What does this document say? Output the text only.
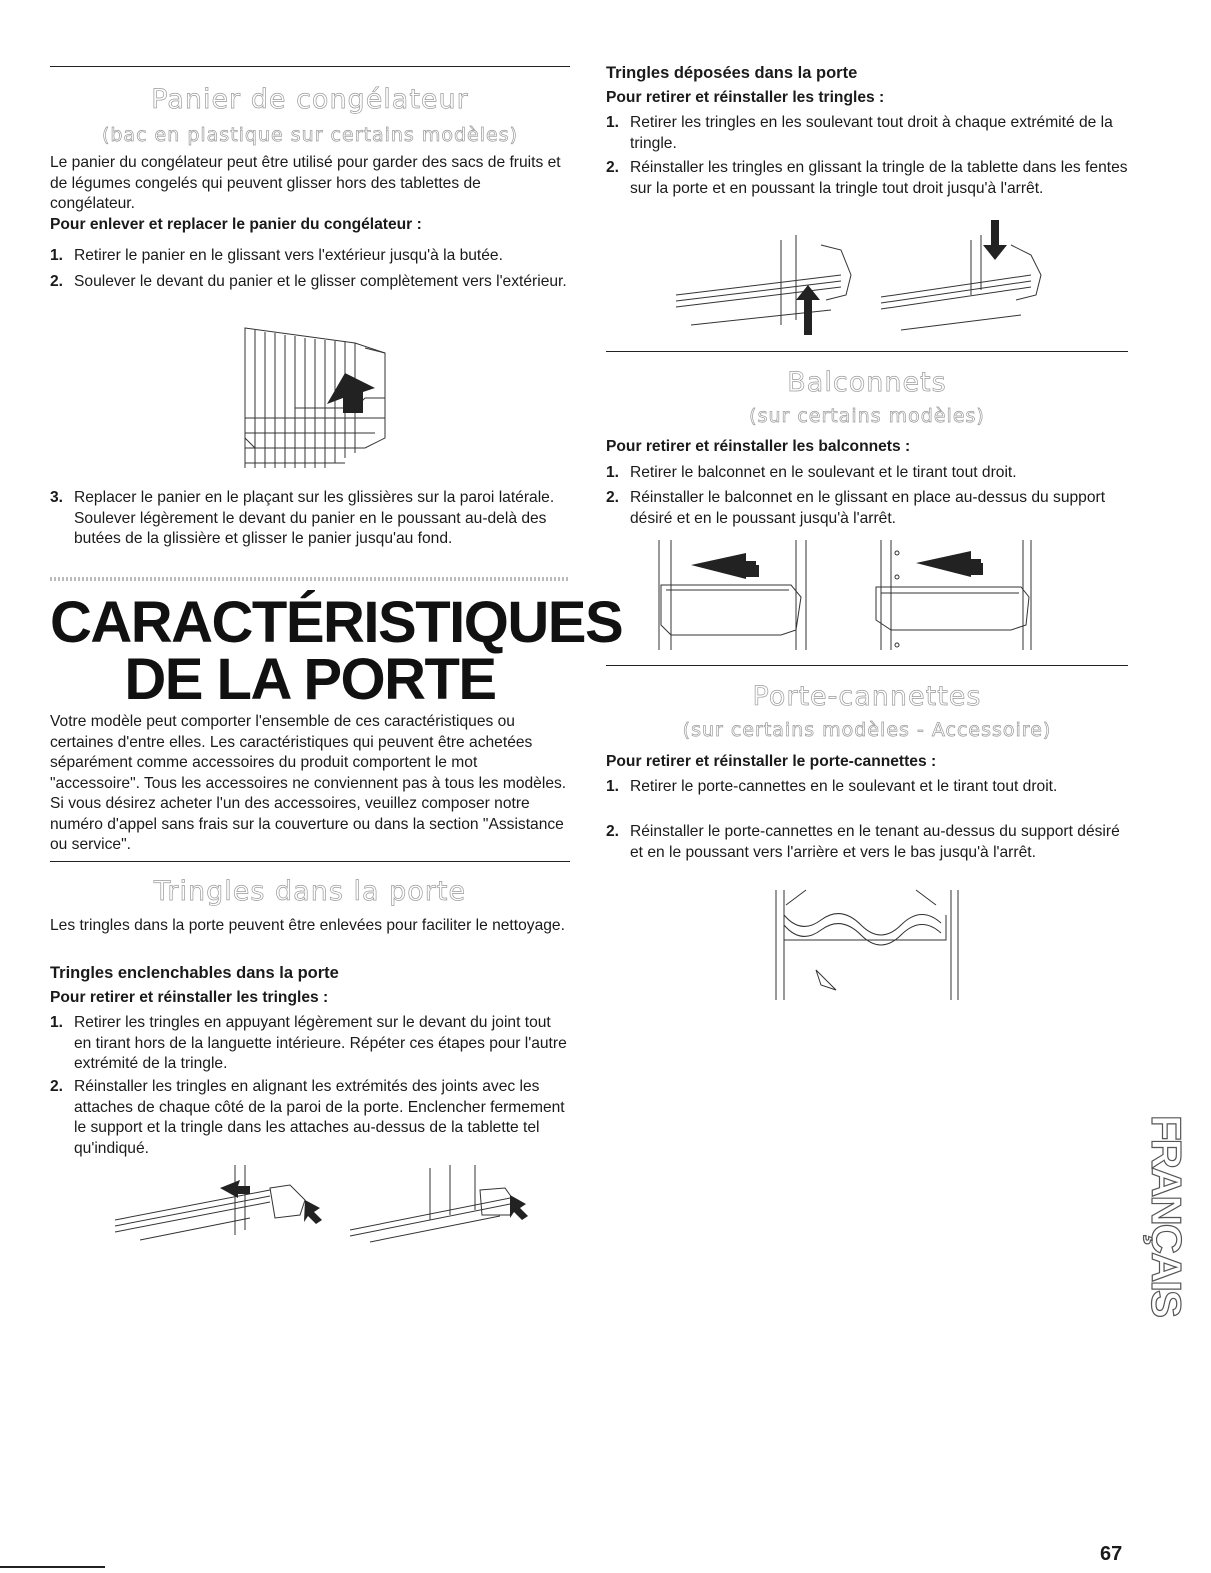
Panier de congélateur
(bac en plastique sur certains modèles)

Le panier du congélateur peut être utilisé pour garder des sacs de fruits et de légumes congelés qui peuvent glisser hors des tablettes de congélateur.

Pour enlever et replacer le panier du congélateur :

1. Retirer le panier en le glissant vers l'extérieur jusqu'à la butée.
2. Soulever le devant du panier et le glisser complètement vers l'extérieur.
3. Replacer le panier en le plaçant sur les glissières sur la paroi latérale. Soulever légèrement le devant du panier en le poussant au-delà des butées de la glissière et glisser le panier jusqu'au fond.
CARACTÉRISTIQUES
DE LA PORTE

Votre modèle peut comporter l'ensemble de ces caractéristiques ou certaines d'entre elles. Les caractéristiques qui peuvent être achetées séparément comme accessoires du produit comportent le mot "accessoire". Tous les accessoires ne conviennent pas à tous les modèles. Si vous désirez acheter l'un des accessoires, veuillez composer notre numéro d'appel sans frais sur la couverture ou dans la section "Assistance ou service".

Tringles dans la porte

Les tringles dans la porte peuvent être enlevées pour faciliter le nettoyage.

Tringles enclenchables dans la porte

Pour retirer et réinstaller les tringles :

1. Retirer les tringles en appuyant légèrement sur le devant du joint tout en tirant hors de la languette intérieure. Répéter ces étapes pour l'autre extrémité de la tringle.
2. Réinstaller les tringles en alignant les extrémités des joints avec les attaches de chaque côté de la paroi de la porte. Enclencher fermement le support et la tringle dans les attaches au-dessus de la tablette tel qu'indiqué.

Tringles déposées dans la porte

Pour retirer et réinstaller les tringles :

1. Retirer les tringles en les soulevant tout droit à chaque extrémité de la tringle.
2. Réinstaller les tringles en glissant la tringle de la tablette dans les fentes sur la porte et en poussant la tringle tout droit jusqu'à l'arrêt.
Balconnets
(sur certains modèles)

Pour retirer et réinstaller les balconnets :

1. Retirer le balconnet en le soulevant et le tirant tout droit.
2. Réinstaller le balconnet en le glissant en place au-dessus du support désiré et en le poussant jusqu'à l'arrêt.
Porte-cannettes
(sur certains modèles - Accessoire)

Pour retirer et réinstaller le porte-cannettes :

1. Retirer le porte-cannettes en le soulevant et le tirant tout droit.
2. Réinstaller le porte-cannettes en le tenant au-dessus du support désiré et en le poussant vers l'arrière et vers le bas jusqu'à l'arrêt.
FRANÇAIS
67
